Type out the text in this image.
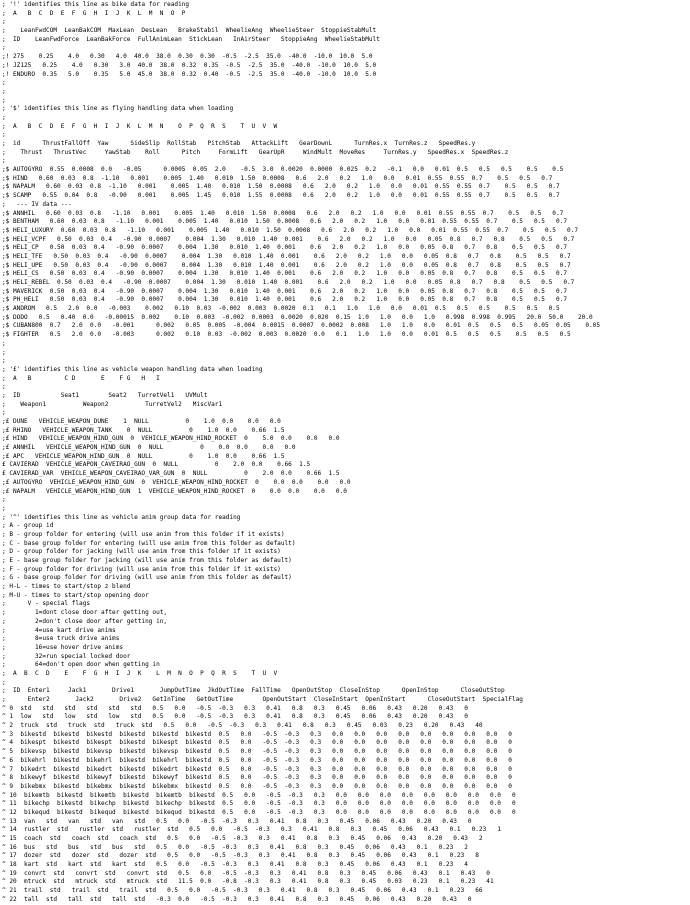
; '!' identifies this line as bike data for reading
;  A   B  C  D  E  F  G  H  I  J  K  L  M  N  O  P
;
;    LeanFwdCOM  LeanBakCOM  MaxLean  DesLean   BrakeStabil  WheelieAng  WheelieSteer  StoppieStabMult
;  ID    LeanFwdForce  LeanBakForce  FullAnimLean  StickLean   InAirSteer   StoppieAng  WheelieStabMult
;
;! 275    0.25    4.0   0.30   4.0  40.0  38.0  0.30  0.30  -0.5  -2.5  35.0  -40.0  -10.0  10.0  5.0
;! JZ125   0.25    4.0   0.30   3.0  40.0  38.0  0.32  0.35  -0.5  -2.5  35.0  -40.0  -10.0  10.0  5.0
;! ENDURO  0.35   5.0    0.35   5.0  45.0  38.0  0.32  0.40  -0.5  -2.5  35.0  -40.0  -10.0  10.0  5.0
;
;
;
; '$' identifies this line as flying handling data when loading
;
;  A   B  C  D  E  F  G  H  I  J  K  L  M  N    O  P  Q  R  S    T  U  V  W
;
;  id      ThrustFallOff  Yaw      SideSlip  RollStab   PitchStab   AttackLift   GearDownL      TurnRes.x  TurnRes.z   SpeedRes.y
;    Thrust   ThrustVec     YawStab    Roll      Pitch     FormLift   GearUpR     WindMult  MoveRes     TurnRes.y   SpeedRes.x  SpeedRes.z
;
;$ AUTOGYRO  0.55  0.0008  0.0   -0.05      0.0005  0.05  2.0    -0.5  3.0  0.0020  0.0000  0.025  0.2   -0.1   0.0   0.01  0.5   0.5   0.5    0.5    0.5
;$ HIND   0.60  0.03  0.8  -1.10   0.001    0.005  1.40   0.010  1.50  0.0008   0.6   2.0   0.2   1.0   0.0   0.01  0.55  0.55  0.7    0.5   0.5   0.7
;$ NAPALM   0.60  0.03  0.8  -1.10   0.001    0.005  1.40   0.010  1.50  0.0008   0.6   2.0   0.2   1.0   0.0   0.01  0.55  0.55  0.7    0.5   0.5   0.7
;$ SCAMP   0.55  0.04  0.8   -0.90   0.001    0.005  1.45   0.010  1.55  0.0008   0.6   2.0   0.2   1.0   0.0   0.01  0.55  0.55  0.7    0.5   0.5   0.7
;   --- IV data ---
;$ ANNHIL   0.60  0.03  0.8   -1.10   0.001    0.005  1.40   0.010  1.50  0.0008   0.6   2.0   0.2   1.0   0.0   0.01  0.55  0.55  0.7    0.5   0.5   0.7
;$ BENTHAM   0.60  0.03  0.8   -1.10   0.001    0.005  1.40   0.010  1.50  0.0008   0.6   2.0   0.2   1.0   0.0   0.01  0.55  0.55  0.7    0.5   0.5   0.7
;$ HELI_LUXURY  0.60  0.03  0.8   -1.10   0.001    0.005  1.40   0.010  1.50  0.0008   0.6   2.0   0.2   1.0   0.0   0.01  0.55  0.55  0.7    0.5   0.5   0.7
;$ HELI_VCPF   0.50  0.03  0.4   -0.90  0.0007    0.004  1.30   0.010  1.40  0.001    0.6   2.0   0.2   1.0   0.0   0.05  0.8   0.7   0.8    0.5   0.5   0.7
;$ HELI_CP   0.50  0.03  0.4   -0.90  0.0007    0.004  1.30   0.010  1.40  0.001    0.6   2.0   0.2   1.0   0.0   0.05  0.8   0.7   0.8    0.5   0.5   0.7
;$ HELI_TFE   0.50  0.03  0.4   -0.90  0.0007    0.004  1.30   0.010  1.40  0.001    0.6   2.0   0.2   1.0   0.0   0.05  0.8   0.7   0.8    0.5   0.5   0.7
;$ HELI_UPE   0.50  0.03  0.4   -0.90  0.0007    0.004  1.30   0.010  1.40  0.001    0.6   2.0   0.2   1.0   0.0   0.05  0.8   0.7   0.8    0.5   0.5   0.7
;$ HELI_CS   0.50  0.03  0.4   -0.90  0.0007    0.004  1.30   0.010  1.40  0.001    0.6   2.0   0.2   1.0   0.0   0.05  0.8   0.7   0.8    0.5   0.5   0.7
;$ HELI_REBEL  0.50  0.03  0.4   -0.90  0.0007    0.004  1.30   0.010  1.40  0.001    0.6   2.0   0.2   1.0   0.0   0.05  0.8   0.7   0.8    0.5   0.5   0.7
;$ MAVERICK  0.50  0.03  0.4   -0.90  0.0007    0.004  1.30   0.010  1.40  0.001    0.6   2.0   0.2   1.0   0.0   0.05  0.8   0.7   0.8    0.5   0.5   0.7
;$ PH_HELI   0.50  0.03  0.4   -0.90  0.0007    0.004  1.30   0.010  1.40  0.001    0.6   2.0   0.2   1.0   0.0   0.05  0.8   0.7   0.8    0.5   0.5   0.7
;$ ANDROM   0.5   2.0  0.0   -0.003    0.002   0.10  0.03  -0.002  0.003  0.0020  0.1   0.1   1.0   1.0   0.0   0.01  0.5   0.5   0.5    0.5   0.5   0.5
;$ DODO   0.5   0.40  0.0   -0.00015  0.002    0.10  0.003  -0.002  0.0003  0.0020  0.020  0.15  1.0   1.0   0.0   1.0   0.998  0.998  0.995   20.0  50.0    20.0
;$ CUBAN800  0.7   2.0  0.0   -0.001      0.002   0.05  0.005  -0.004  0.0015  0.0007  0.0002  0.008   1.0   1.0   0.0   0.01  0.5   0.5   0.5   0.05  0.05    0.05
;$ FIGHTER   0.5   2.0  0.0   -0.003      0.002   0.10  0.03  -0.002  0.003  0.0020  0.0   0.1   1.0   1.0   0.0   0.01  0.5   0.5   0.5    0.5   0.5   0.5
;
;
;
; '£' identifies this line as vehicle weapon handling data when loading
;  A   B         C D       E    F G   H   I
;
;  ID           Seat1        Seat2   TurretVel1   UVMult
;    Weapon1          Weapon2          TurretVel2   MiscVar1
;
;£ DUNE   VEHICLE_WEAPON_DUNE    1  NULL          0    1.0  0.0    0.0   0.0
;£ RHINO   VEHICLE_WEAPON_TANK    0  NULL          0    1.0  0.0    0.66  1.5
;£ HIND   VEHICLE_WEAPON_HIND_GUN  0  VEHICLE_WEAPON_HIND_ROCKET  0    5.0  0.0    0.0   0.0
;£ ANNHIL   VEHICLE_WEAPON_HIND_GUN  0  NULL          0    0.0  0.0    0.0   0.0
;£ APC   VEHICLE_WEAPON_HIND_GUN  0  NULL          0    1.0  0.0    0.66  1.5
£ CAVIERAD  VEHICLE_WEAPON_CAVEIRAO_GUN  0  NULL          0    2.0  0.0    0.66  1.5
£ CAVIERAD_VAR  VEHICLE_WEAPON_CAVEIRAO_VAR_GUN  0  NULL          0    2.0  0.0    0.66  1.5
;£ AUTOGYRO  VEHICLE_WEAPON_HIND_GUN  0  VEHICLE_WEAPON_HIND_ROCKET  0    0.0  0.0    0.0   0.0
;£ NAPALM   VEHICLE_WEAPON_HIND_GUN  1  VEHICLE_WEAPON_HIND_ROCKET  0    0.0  0.0    0.0   0.0
;
;
; '^' identifies this line as vehicle anim group data for reading
; A - group id
; B - group folder for entering (will use anim from this folder if it exists)
; C - base group folder for entering (will use anim from this folder as default)
; D - group folder for jacking (will use anim from this folder if it exists)
; E - base group folder for jacking (will use anim from this folder as default)
; F - group folder for driving (will use anim from this folder if it exists)
; G - base group folder for driving (will use anim from this folder as default)
; H-L - times to start/stop z blend
; M-U - times to start/stop opening door
;      V - special flags
;        1=dont close door after getting out,
;        2=don't close door after getting in,
;        4=use kart drive anims
;        8=use truck drive anims
;        16=use hover drive anims
;        32=run special locked door
;        64=don't open door when getting in
;  A  B  C  D    E    F  G  H  I  J  K    L  M  N  O  P  Q  R  S    T  U  V
;
;  ID  Enter1     Jack1       Drive1       JumpOutTime  JkdOutTime  FallTime   OpenOutStop  CloseInStop      OpenInStop      CloseOutStop
;      Enter2       Jack2       Drive2   GetInTime   GetOutTime        OpenOutStart  CloseInStart  OpenInStart      CloseOutStart  SpecialFlag
^ 0  std   std   std   std   std   std   0.5   0.0   -0.5  -0.3   0.3   0.41   0.8   0.3   0.45   0.06   0.43   0.20   0.43   0
^ 1  low   std   low   std   low   std   0.5   0.0   -0.5  -0.3   0.3   0.41   0.8   0.3   0.45   0.06   0.43   0.20   0.43   0
^ 2  truck  std   truck  std   truck  std   0.5   0.0   -0.5  -0.3   0.3   0.41   0.8   0.3   0.45   0.03   0.23   0.20   0.43   40
^ 3  bikestd  bikestd  bikestd  bikestd  bikestd  bikestd  0.5   0.0   -0.5  -0.3   0.3   0.0   0.0   0.0   0.0   0.0   0.0   0.0   0.0   0
^ 4  bikespt  bikestd  bikespt  bikestd  bikespt  bikestd  0.5   0.0   -0.5  -0.3   0.3   0.0   0.0   0.0   0.0   0.0   0.0   0.0   0.0   0
^ 5  bikevsp  bikestd  bikevsp  bikestd  bikevsp  bikestd  0.5   0.0   -0.5  -0.3   0.3   0.0   0.0   0.0   0.0   0.0   0.0   0.0   0.0   0
^ 6  bikehrl  bikestd  bikehrl  bikestd  bikehrl  bikestd  0.5   0.0   -0.5  -0.3   0.3   0.0   0.0   0.0   0.0   0.0   0.0   0.0   0.0   0
^ 7  bikedrt  bikestd  bikedrt  bikestd  bikedrt  bikestd  0.5   0.0   -0.5  -0.3   0.3   0.0   0.0   0.0   0.0   0.0   0.0   0.0   0.0   0
^ 8  bikewyf  bikestd  bikewyf  bikestd  bikewyf  bikestd  0.5   0.0   -0.5  -0.3   0.3   0.0   0.0   0.0   0.0   0.0   0.0   0.0   0.0   0
^ 9  bikebmx  bikestd  bikebmx  bikestd  bikebmx  bikestd  0.5   0.0   -0.5  -0.3   0.3   0.0   0.0   0.0   0.0   0.0   0.0   0.0   0.0   0
^ 10  bikemtb  bikestd  bikemtb  bikestd  bikemtb  bikestd  0.5   0.0   -0.5  -0.3   0.3   0.0   0.0   0.0   0.0   0.0   0.0   0.0   0.0   0
^ 11  bikechp  bikestd  bikechp  bikestd  bikechp  bikestd  0.5   0.0   -0.5  -0.3   0.3   0.0   0.0   0.0   0.0   0.0   0.0   0.0   0.0   0
^ 12  bikequd  bikestd  bikequd  bikestd  bikequd  bikestd  0.5   0.0   -0.5  -0.3   0.3   0.0   0.0   0.0   0.0   0.0   0.0   0.0   0.0   0
^ 13  van   std   van   std   van   std   0.5   0.0   -0.5  -0.3   0.3   0.41   0.8   0.3   0.45   0.06   0.43   0.20   0.43   0
^ 14  rustler  std   rustler  std   rustler  std   0.5   0.0   -0.5  -0.3   0.3   0.41   0.8   0.3   0.45   0.06   0.43   0.1   0.23   1
^ 15  coach  std   coach  std   coach  std   0.5   0.0   -0.5  -0.3   0.3   0.41   0.8   0.3   0.45   0.06   0.43   0.20   0.43   2
^ 16  bus   std   bus   std   bus   std   0.5   0.0   -0.5  -0.3   0.3   0.41   0.8   0.3   0.45   0.06   0.43   0.1   0.23   2
^ 17  dozer  std   dozer  std   dozer  std   0.5   0.0   -0.5  -0.3   0.3   0.41   0.8   0.3   0.45   0.06   0.43   0.1   0.23   8
^ 18  kart  std   kart  std   kart  std   0.5   0.0   -0.5  -0.3   0.3   0.41   0.8   0.3   0.45   0.06   0.43   0.1   0.23   4
^ 19  convrt  std   convrt  std   convrt  std   0.5   0.0   -0.5  -0.3   0.3   0.41   0.8   0.3   0.45   0.06   0.43   0.1   0.43   0
^ 20  mtruck  std   mtruck  std   mtruck  std   11.5  0.0   -0.8  -0.3   0.3   0.41   0.8   0.3   0.45   0.03   0.23   0.1   0.23   41
^ 21  trail  std   trail  std   trail  std   0.5   0.0   -0.5  -0.3   0.3   0.41   0.8   0.3   0.45   0.06   0.43   0.1   0.23   66
^ 22  tall  std   tall  std   tall  std   -0.3  0.0   -0.5  -0.3   0.3   0.41   0.8   0.3   0.45   0.06   0.43   0.20   0.43   0
